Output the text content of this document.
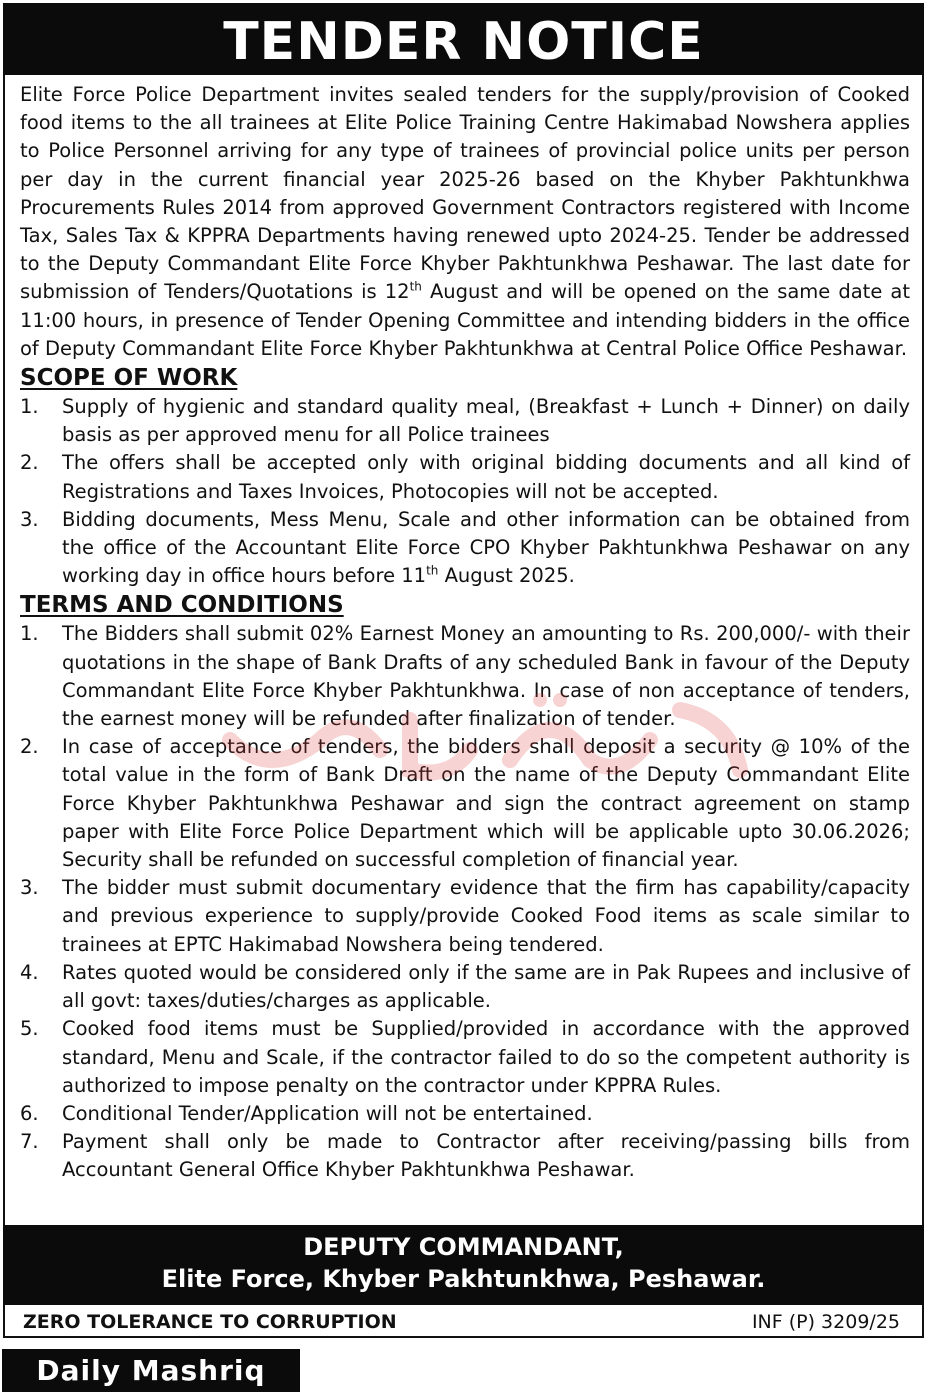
TENDER NOTICE

Elite Force Police Department invites sealed tenders for the supply/provision of Cooked food items to the all trainees at Elite Police Training Centre Hakimabad Nowshera applies to Police Personnel arriving for any type of trainees of provincial police units per person per day in the current financial year 2025-26 based on the Khyber Pakhtunkhwa Procurements Rules 2014 from approved Government Contractors registered with Income Tax, Sales Tax & KPPRA Departments having renewed upto 2024-25. Tender be addressed to the Deputy Commandant Elite Force Khyber Pakhtunkhwa Peshawar. The last date for submission of Tenders/Quotations is 12th August and will be opened on the same date at 11:00 hours, in presence of Tender Opening Committee and intending bidders in the office of Deputy Commandant Elite Force Khyber Pakhtunkhwa at Central Police Office Peshawar.

SCOPE OF WORK
1.	Supply of hygienic and standard quality meal, (Breakfast + Lunch + Dinner) on daily basis as per approved menu for all Police trainees
2.	The offers shall be accepted only with original bidding documents and all kind of Registrations and Taxes Invoices, Photocopies will not be accepted.
3.	Bidding documents, Mess Menu, Scale and other information can be obtained from the office of the Accountant Elite Force CPO Khyber Pakhtunkhwa Peshawar on any working day in office hours before 11th August 2025.
TERMS AND CONDITIONS
1.	The Bidders shall submit 02% Earnest Money an amounting to Rs. 200,000/- with their quotations in the shape of Bank Drafts of any scheduled Bank in favour of the Deputy Commandant Elite Force Khyber Pakhtunkhwa. In case of non acceptance of tenders, the earnest money will be refunded after finalization of tender.
2.	In case of acceptance of tenders, the bidders shall deposit a security @ 10% of the total value in the form of Bank Draft on the name of the Deputy Commandant Elite Force Khyber Pakhtunkhwa Peshawar and sign the contract agreement on stamp paper with Elite Force Police Department which will be applicable upto 30.06.2026; Security shall be refunded on successful completion of financial year.
3.	The bidder must submit documentary evidence that the firm has capability/capacity and previous experience to supply/provide Cooked Food items as scale similar to trainees at EPTC Hakimabad Nowshera being tendered.
4.	Rates quoted would be considered only if the same are in Pak Rupees and inclusive of all govt: taxes/duties/charges as applicable.
5.	Cooked food items must be Supplied/provided in accordance with the approved standard, Menu and Scale, if the contractor failed to do so the competent authority is authorized to impose penalty on the contractor under KPPRA Rules.
6.	Conditional Tender/Application will not be entertained.
7.	Payment shall only be made to Contractor after receiving/passing bills from Accountant General Office Khyber Pakhtunkhwa Peshawar.
DEPUTY COMMANDANT,
Elite Force, Khyber Pakhtunkhwa, Peshawar.
ZERO TOLERANCE TO CORRUPTION	INF (P) 3209/25
Daily Mashriq
